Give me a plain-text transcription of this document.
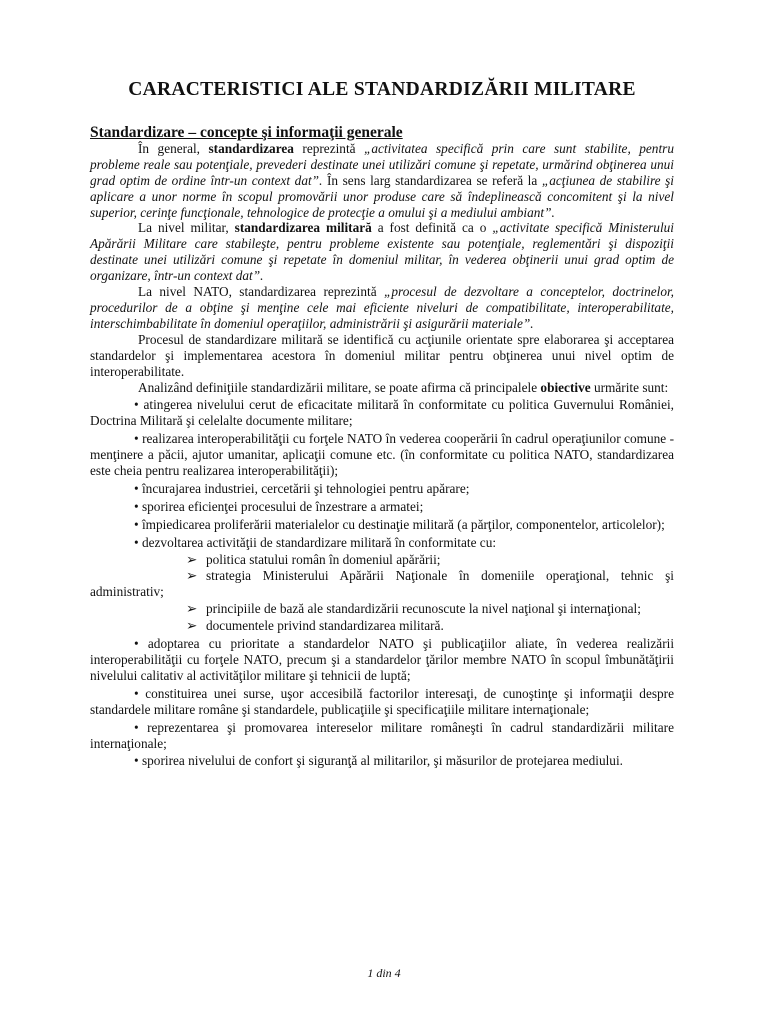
CARACTERISTICI ALE STANDARDIZĂRII MILITARE

Standardizare – concepte şi informaţii generale

În general, standardizarea reprezintă „activitatea specifică prin care sunt stabilite, pentru probleme reale sau potenţiale, prevederi destinate unei utilizări comune şi repetate, urmărind obţinerea unui grad optim de ordine într-un context dat”. În sens larg standardizarea se referă la „acţiunea de stabilire şi aplicare a unor norme în scopul promovării unor produse care să îndeplinească concomitent şi la nivel superior, cerinţe funcţionale, tehnologice de protecţie a omului şi a mediului ambiant”.

La nivel militar, standardizarea militară a fost definită ca o „activitate specifică Ministerului Apărării Militare care stabileşte, pentru probleme existente sau potenţiale, reglementări şi dispoziţii destinate unei utilizări comune şi repetate în domeniul militar, în vederea obţinerii unui grad optim de organizare, într-un context dat”.

La nivel NATO, standardizarea reprezintă „procesul de dezvoltare a conceptelor, doctrinelor, procedurilor de a obţine şi menţine cele mai eficiente niveluri de compatibilitate, interoperabilitate, interschimbabilitate în domeniul operaţiilor, administrării şi asigurării materiale”.

Procesul de standardizare militară se identifică cu acţiunile orientate spre elaborarea şi acceptarea standardelor şi implementarea acestora în domeniul militar pentru obţinerea unui nivel optim de interoperabilitate.

Analizând definiţiile standardizării militare, se poate afirma că principalele obiective urmărite sunt:

• atingerea nivelului cerut de eficacitate militară în conformitate cu politica Guvernului României, Doctrina Militară şi celelalte documente militare;

• realizarea interoperabilităţii cu forţele NATO în vederea cooperării în cadrul operaţiunilor comune - menţinere a păcii, ajutor umanitar, aplicaţii comune etc. (în conformitate cu politica NATO, standardizarea este cheia pentru realizarea interoperabilităţii);

• încurajarea industriei, cercetării şi tehnologiei pentru apărare;

• sporirea eficienţei procesului de înzestrare a armatei;

• împiedicarea proliferării materialelor cu destinaţie militară (a părţilor, componentelor, articolelor);

• dezvoltarea activităţii de standardizare militară în conformitate cu:

➢ politica statului român în domeniul apărării;

➢ strategia Ministerului Apărării Naţionale în domeniile operaţional, tehnic şi administrativ;

➢ principiile de bază ale standardizării recunoscute la nivel naţional şi internaţional;

➢ documentele privind standardizarea militară.

• adoptarea cu prioritate a standardelor NATO şi publicaţiilor aliate, în vederea realizării interoperabilităţii cu forţele NATO, precum şi a standardelor ţărilor membre NATO în scopul îmbunătăţirii nivelului calitativ al activităţilor militare şi tehnicii de luptă;

• constituirea unei surse, uşor accesibilă factorilor interesaţi, de cunoştinţe şi informaţii despre standardele militare române şi standardele, publicaţiile şi specificaţiile militare internaţionale;

• reprezentarea şi promovarea intereselor militare româneşti în cadrul standardizării militare internaţionale;

• sporirea nivelului de confort şi siguranţă al militarilor, şi măsurilor de protejarea mediului.

1 din 4
